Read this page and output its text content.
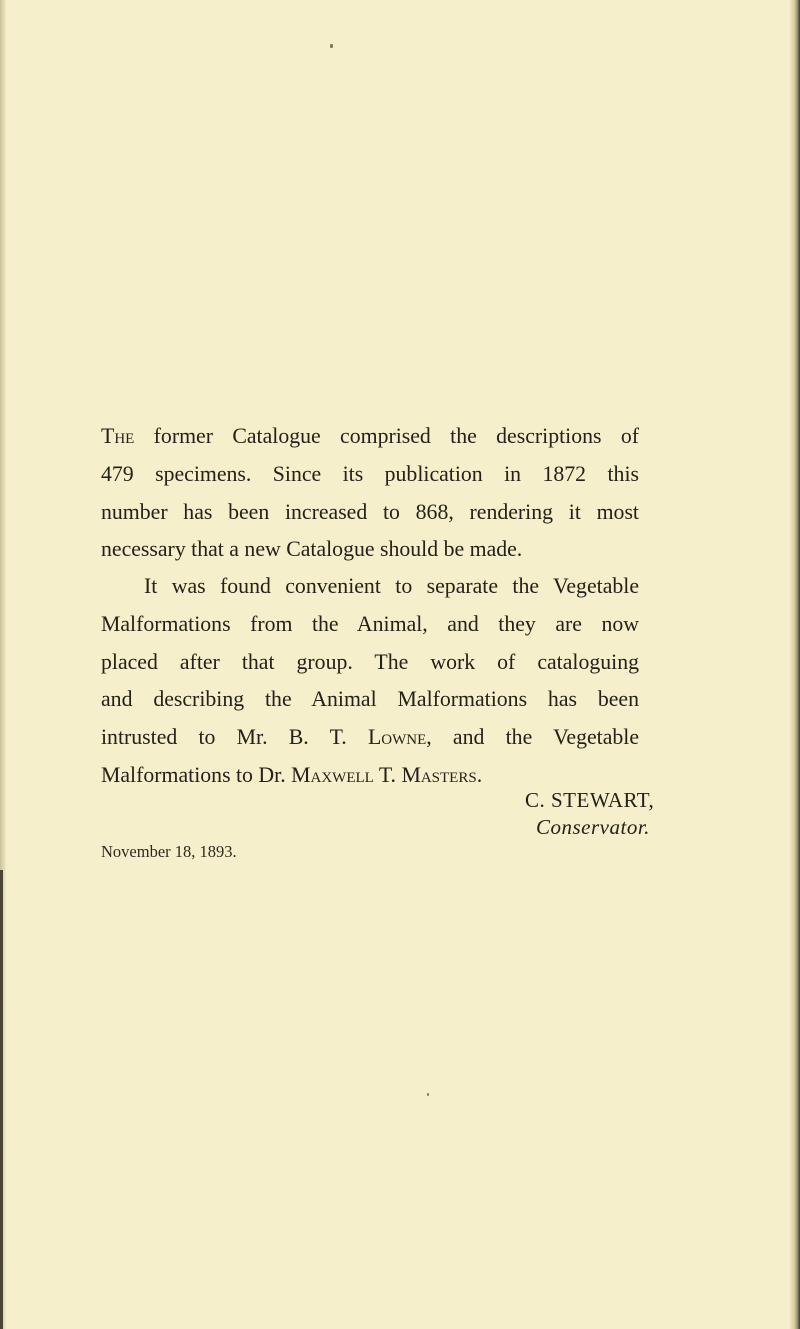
The former Catalogue comprised the descriptions of
479 specimens. Since its publication in 1872 this
number has been increased to 868, rendering it most
necessary that a new Catalogue should be made.

It was found convenient to separate the Vegetable
Malformations from the Animal, and they are now
placed after that group. The work of cataloguing
and describing the Animal Malformations has been
intrusted to Mr. B. T. Lowne, and the Vegetable
Malformations to Dr. Maxwell T. Masters.

C. STEWART,
Conservator.
November 18, 1893.
